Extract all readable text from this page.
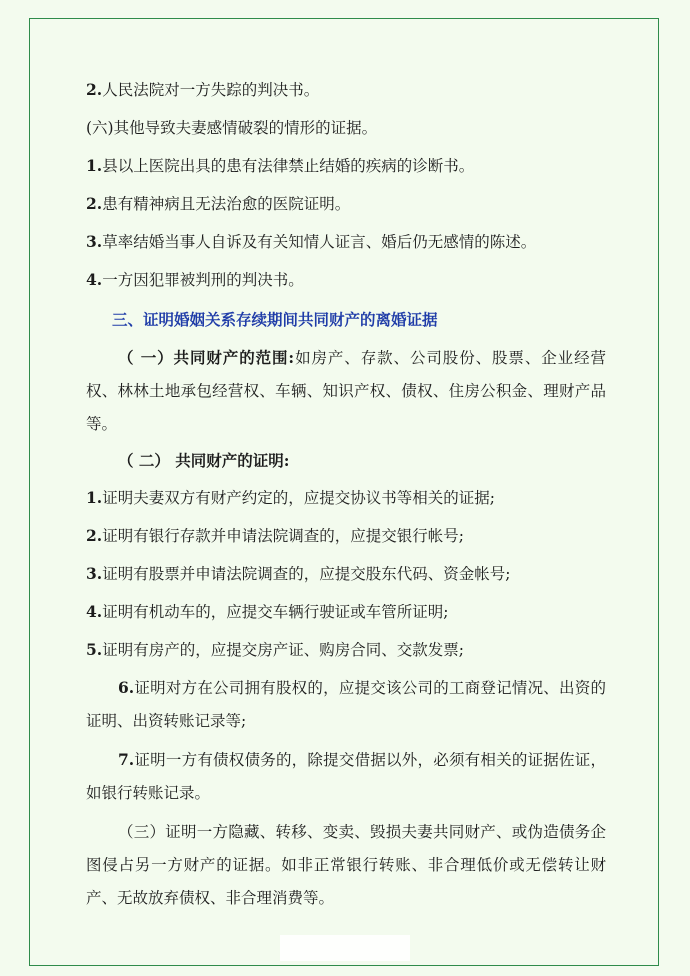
2.人民法院对一方失踪的判决书。
(六)其他导致夫妻感情破裂的情形的证据。
1.县以上医院出具的患有法律禁止结婚的疾病的诊断书。
2.患有精神病且无法治愈的医院证明。
3.草率结婚当事人自诉及有关知情人证言、婚后仍无感情的陈述。
4.一方因犯罪被判刑的判决书。
三、证明婚姻关系存续期间共同财产的离婚证据
（ 一）共同财产的范围:如房产、存款、公司股份、股票、企业经营权、林林土地承包经营权、车辆、知识产权、债权、住房公积金、理财产品等。
（ 二） 共同财产的证明:
1.证明夫妻双方有财产约定的，应提交协议书等相关的证据;
2.证明有银行存款并申请法院调查的，应提交银行帐号;
3.证明有股票并申请法院调查的，应提交股东代码、资金帐号;
4.证明有机动车的，应提交车辆行驶证或车管所证明;
5.证明有房产的，应提交房产证、购房合同、交款发票;
6.证明对方在公司拥有股权的，应提交该公司的工商登记情况、出资的证明、出资转账记录等;
7.证明一方有债权债务的，除提交借据以外，必须有相关的证据佐证，如银行转账记录。
（三）证明一方隐藏、转移、变卖、毁损夫妻共同财产、或伪造债务企图侵占另一方财产的证据。如非正常银行转账、非合理低价或无偿转让财产、无故放弃债权、非合理消费等。
